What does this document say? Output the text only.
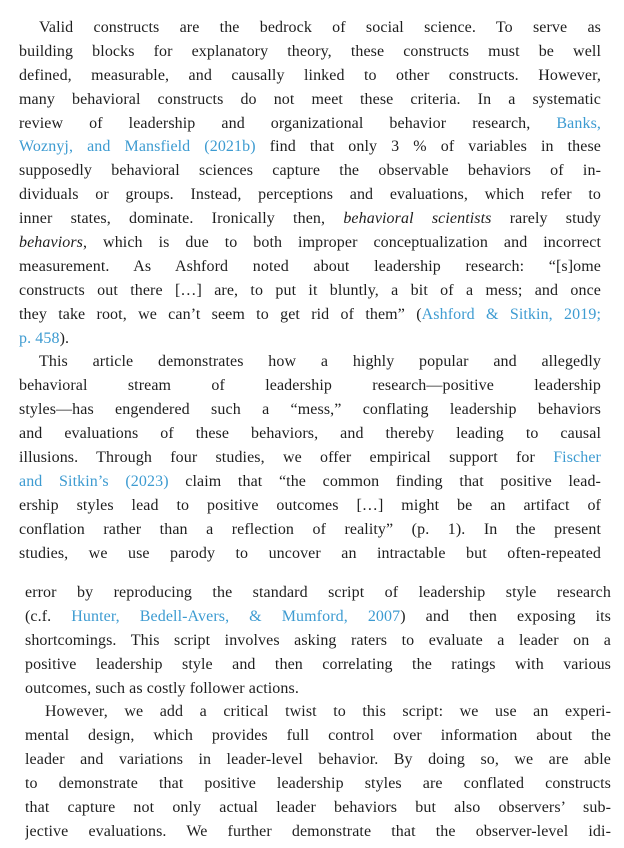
Valid constructs are the bedrock of social science. To serve as
building blocks for explanatory theory, these constructs must be well
defined, measurable, and causally linked to other constructs. However,
many behavioral constructs do not meet these criteria. In a systematic
review of leadership and organizational behavior research, Banks,
Woznyj, and Mansfield (2021b) find that only 3 % of variables in these
supposedly behavioral sciences capture the observable behaviors of in-
dividuals or groups. Instead, perceptions and evaluations, which refer to
inner states, dominate. Ironically then, behavioral scientists rarely study
behaviors, which is due to both improper conceptualization and incorrect
measurement. As Ashford noted about leadership research: “[s]ome
constructs out there […] are, to put it bluntly, a bit of a mess; and once
they take root, we can’t seem to get rid of them” (Ashford & Sitkin, 2019;
p. 458).
This article demonstrates how a highly popular and allegedly
behavioral stream of leadership research—positive leadership
styles—has engendered such a “mess,” conflating leadership behaviors
and evaluations of these behaviors, and thereby leading to causal
illusions. Through four studies, we offer empirical support for Fischer
and Sitkin’s (2023) claim that “the common finding that positive lead-
ership styles lead to positive outcomes […] might be an artifact of
conflation rather than a reflection of reality” (p. 1). In the present
studies, we use parody to uncover an intractable but often-repeated
error by reproducing the standard script of leadership style research
(c.f. Hunter, Bedell-Avers, & Mumford, 2007) and then exposing its
shortcomings. This script involves asking raters to evaluate a leader on a
positive leadership style and then correlating the ratings with various
outcomes, such as costly follower actions.
However, we add a critical twist to this script: we use an experi-
mental design, which provides full control over information about the
leader and variations in leader-level behavior. By doing so, we are able
to demonstrate that positive leadership styles are conflated constructs
that capture not only actual leader behaviors but also observers’ sub-
jective evaluations. We further demonstrate that the observer-level idi-
